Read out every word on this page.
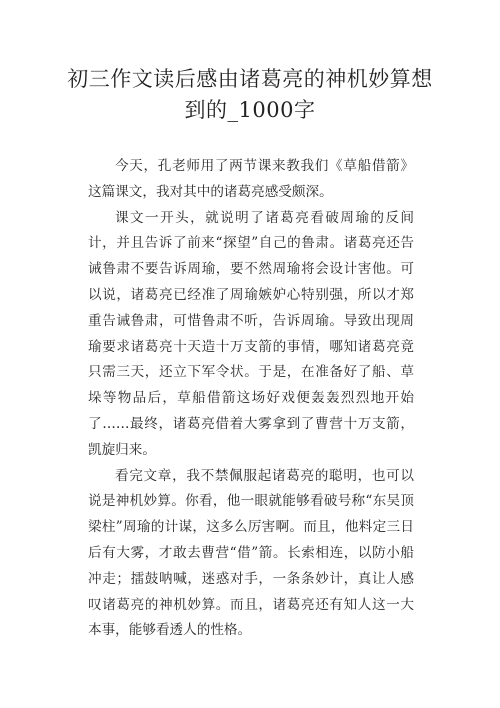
初三作文读后感由诸葛亮的神机妙算想到的_1000字

今天，孔老师用了两节课来教我们《草船借箭》这篇课文，我对其中的诸葛亮感受颇深。

课文一开头，就说明了诸葛亮看破周瑜的反间计，并且告诉了前来“探望”自己的鲁肃。诸葛亮还告诫鲁肃不要告诉周瑜，要不然周瑜将会设计害他。可以说，诸葛亮已经准了周瑜嫉妒心特别强，所以才郑重告诫鲁肃，可惜鲁肃不听，告诉周瑜。导致出现周瑜要求诸葛亮十天造十万支箭的事情，哪知诸葛亮竟只需三天，还立下军令状。于是，在准备好了船、草垛等物品后，草船借箭这场好戏便轰轰烈烈地开始了……最终，诸葛亮借着大雾拿到了曹营十万支箭，凯旋归来。

看完文章，我不禁佩服起诸葛亮的聪明，也可以说是神机妙算。你看，他一眼就能够看破号称“东吴顶梁柱”周瑜的计谋，这多么厉害啊。而且，他料定三日后有大雾，才敢去曹营“借”箭。长索相连，以防小船冲走；擂鼓呐喊，迷惑对手，一条条妙计，真让人感叹诸葛亮的神机妙算。而且，诸葛亮还有知人这一大本事，能够看透人的性格。
